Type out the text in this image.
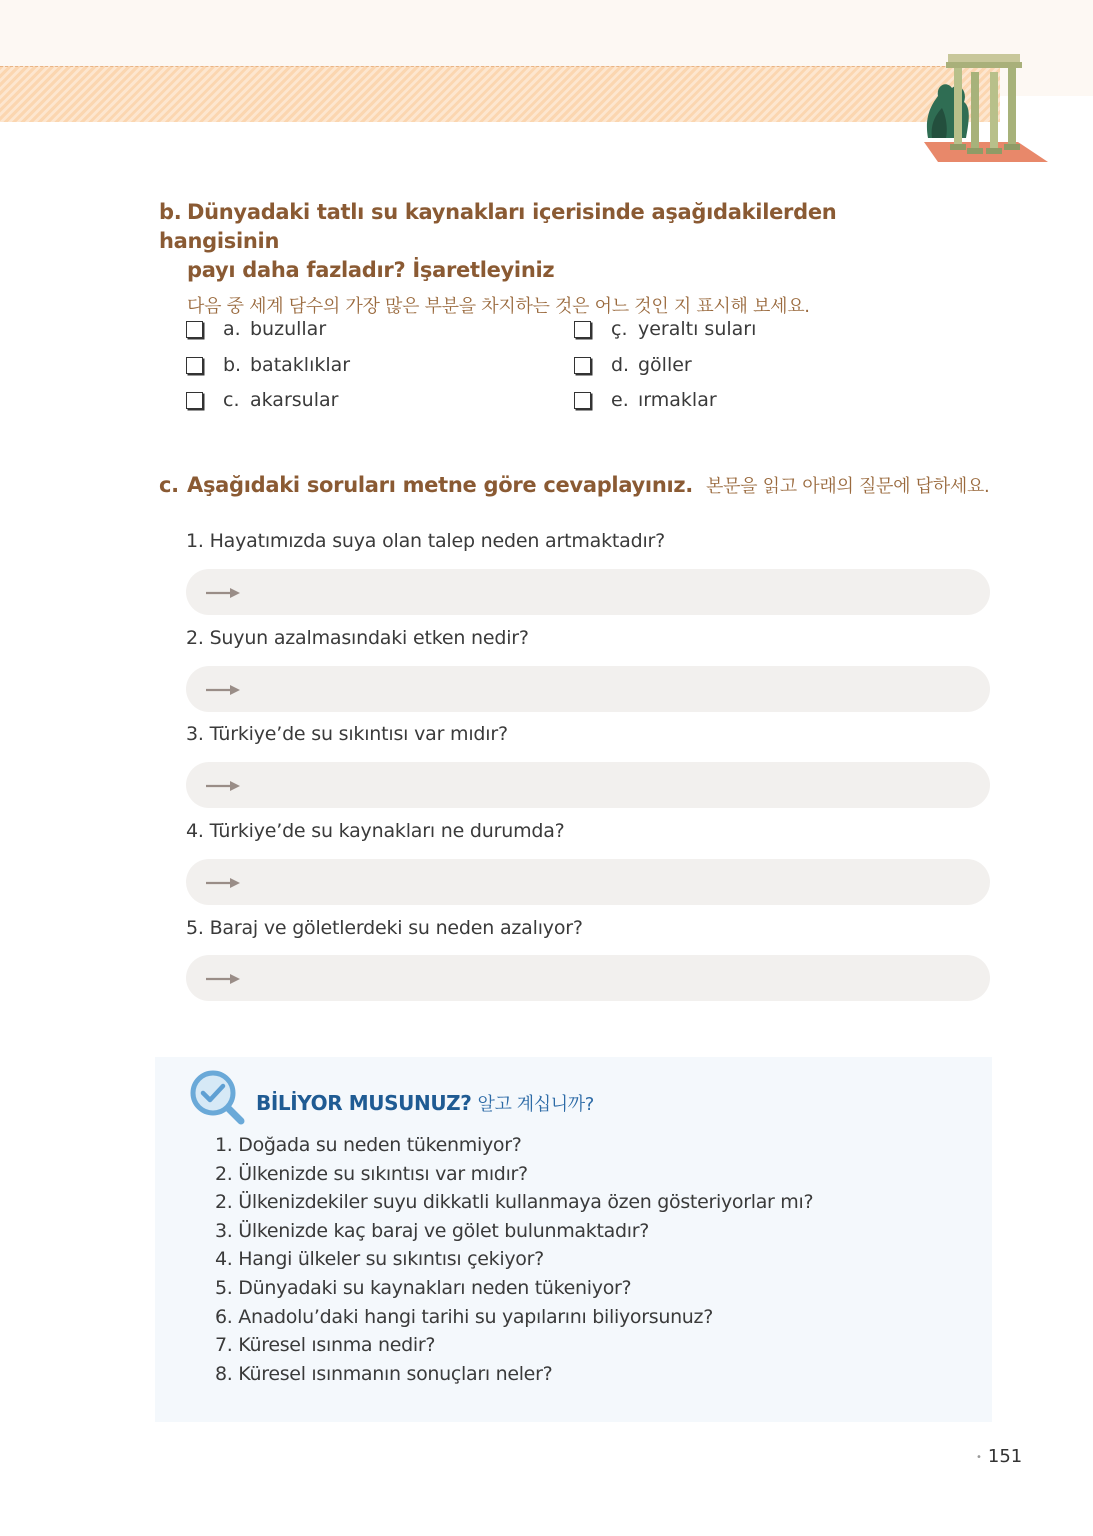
b. Dünyadaki tatlı su kaynakları içerisinde aşağıdakilerden hangisinin
payı daha fazladır? İşaretleyiniz
다음 중 세계 담수의 가장 많은 부분을 차지하는 것은 어느 것인 지 표시해 보세요.
a. buzullar
b. bataklıklar
c. akarsular
ç. yeraltı suları
d. göller
e. ırmaklar
c. Aşağıdaki soruları metne göre cevaplayınız. 본문을 읽고 아래의 질문에 답하세요.
1. Hayatımızda suya olan talep neden artmaktadır?
2. Suyun azalmasındaki etken nedir?
3. Türkiye’de su sıkıntısı var mıdır?
4. Türkiye’de su kaynakları ne durumda?
5. Baraj ve göletlerdeki su neden azalıyor?
BİLİYOR MUSUNUZ? 알고 계십니까?
1. Doğada su neden tükenmiyor?
2. Ülkenizde su sıkıntısı var mıdır?
2. Ülkenizdekiler suyu dikkatli kullanmaya özen gösteriyorlar mı?
3. Ülkenizde kaç baraj ve gölet bulunmaktadır?
4. Hangi ülkeler su sıkıntısı çekiyor?
5. Dünyadaki su kaynakları neden tükeniyor?
6. Anadolu’daki hangi tarihi su yapılarını biliyorsunuz?
7. Küresel ısınma nedir?
8. Küresel ısınmanın sonuçları neler?
• 151
